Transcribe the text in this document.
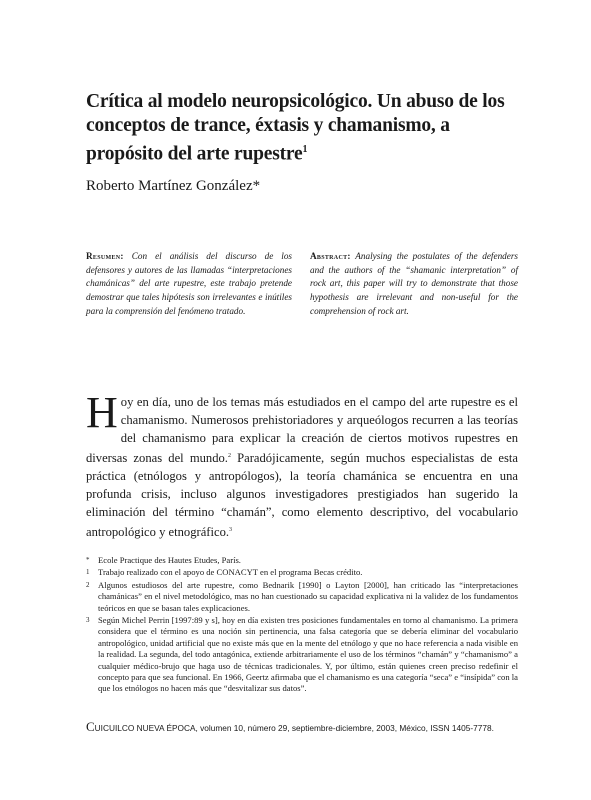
Crítica al modelo neuropsicológico. Un abuso de los conceptos de trance, éxtasis y chamanismo, a propósito del arte rupestre$^1$
Roberto Martínez González*
Resumen: Con el análisis del discurso de los defensores y autores de las llamadas “interpretaciones chamánicas” del arte rupestre, este trabajo pretende demostrar que tales hipótesis son irrelevantes e inútiles para la comprensión del fenómeno tratado.
Abstract: Analysing the postulates of the defenders and the authors of the “shamanic interpretation” of rock art, this paper will try to demonstrate that those hypothesis are irrelevant and non-useful for the comprehension of rock art.
Hoy en día, uno de los temas más estudiados en el campo del arte rupestre es el chamanismo. Numerosos prehistoriadores y arqueólogos recurren a las teorías del chamanismo para explicar la creación de ciertos motivos rupestres en diversas zonas del mundo.$^2$ Paradójicamente, según muchos especialistas de esta práctica (etnólogos y antropólogos), la teoría chamánica se encuentra en una profunda crisis, incluso algunos investigadores prestigiados han sugerido la eliminación del término “chamán”, como elemento descriptivo, del vocabulario antropológico y etnográfico.$^3$
* Ecole Practique des Hautes Etudes, París.
1 Trabajo realizado con el apoyo de CONACYT en el programa Becas crédito.
2 Algunos estudiosos del arte rupestre, como Bednarik [1990] o Layton [2000], han criticado las “interpretaciones chamánicas” en el nivel metodológico, mas no han cuestionado su capacidad explicativa ni la validez de los fundamentos teóricos en que se basan tales explicaciones.
3 Según Michel Perrin [1997:89 y s], hoy en día existen tres posiciones fundamentales en torno al chamanismo. La primera considera que el término es una noción sin pertinencia, una falsa categoría que se debería eliminar del vocabulario antropológico, unidad artificial que no existe más que en la mente del etnólogo y que no hace referencia a nada visible en la realidad. La segunda, del todo antagónica, extiende arbitrariamente el uso de los términos “chamán” y “chamanismo” a cualquier médico-brujo que haga uso de técnicas tradicionales. Y, por último, están quienes creen preciso redefinir el concepto para que sea funcional. En 1966, Geertz afirmaba que el chamanismo es una categoría “seca” e “insípida” con la que los etnólogos no hacen más que “desvitalizar sus datos”.
CUICUILCO NUEVA ÉPOCA, volumen 10, número 29, septiembre-diciembre, 2003, México, ISSN 1405-7778.
